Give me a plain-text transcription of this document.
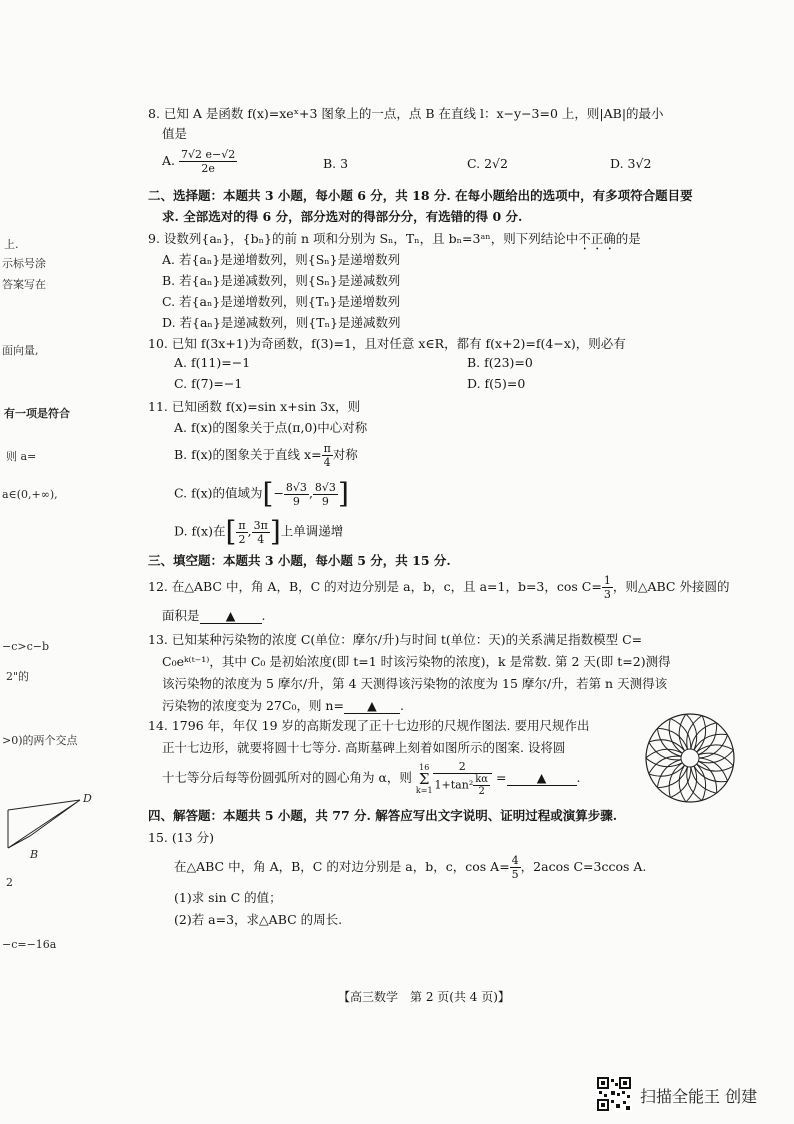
上.
示标号涂
答案写在
面向量,
有一项是符合
则 a=
a∈(0,+∞),
−c>c−b
2"的
>0)的两个交点
D
B
2
−c=−16a
8. 已知 A 是函数 f(x)=xeˣ+3 图象上的一点，点 B 在直线 l：x−y−3=0 上，则|AB|的最小
值是
A. $\frac{7√2 e-√2}{2e}$	B. 3	C. 2√2	D. 3√2
二、选择题：本题共 3 小题，每小题 6 分，共 18 分. 在每小题给出的选项中，有多项符合题目要
求. 全部选对的得 6 分，部分选对的得部分分，有选错的得 0 分.
9. 设数列{aₙ}，{bₙ}的前 n 项和分别为 Sₙ，Tₙ，且 bₙ=3ᵃⁿ，则下列结论中不正确的是
A. 若{aₙ}是递增数列，则{Sₙ}是递增数列
B. 若{aₙ}是递减数列，则{Sₙ}是递减数列
C. 若{aₙ}是递增数列，则{Tₙ}是递增数列
D. 若{aₙ}是递减数列，则{Tₙ}是递减数列
10. 已知 f(3x+1)为奇函数，f(3)=1，且对任意 x∈R，都有 f(x+2)=f(4−x)，则必有
A. f(11)=−1	B. f(23)=0
C. f(7)=−1	D. f(5)=0
11. 已知函数 f(x)=sin x+sin 3x，则
A. f(x)的图象关于点(π,0)中心对称
B. f(x)的图象关于直线 $x= \frac{\pi}{4}$ 对称
C. f(x)的值域为[− $\frac{8√3}{9}$ , $\frac{8√3}{9}$ ]
D. f(x)在[ $\frac{\pi}{2}$ , $\frac{3\pi}{4}$ ]上单调递增
三、填空题：本题共 3 小题，每小题 5 分，共 15 分.
12. 在△ABC 中，角 A，B，C 的对边分别是 a，b，c，且 a=1，b=3，$\cos C= \frac{1}{3}$ ，则△ABC 外接圆的
面积是 ▲ .
13. 已知某种污染物的浓度 C(单位：摩尔/升)与时间 t(单位：天)的关系满足指数模型 C=
C₀eᵏ⁽ᵗ⁻¹⁾，其中 C₀ 是初始浓度(即 t=1 时该污染物的浓度)，k 是常数. 第 2 天(即 t=2)测得
该污染物的浓度为 5 摩尔/升，第 4 天测得该污染物的浓度为 15 摩尔/升，若第 n 天测得该
污染物的浓度变为 27C₀，则 n= ▲ .
14. 1796 年，年仅 19 岁的高斯发现了正十七边形的尺规作图法. 要用尺规作出
正十七边形，就要将圆十七等分. 高斯墓碑上刻着如图所示的图案. 设将圆
十七等分后每等份圆弧所对的圆心角为 α，则
16
Σ
$k=1 \frac{2}{1+\tan^2 \frac{k\alpha}{2}}$ = ▲ .
四、解答题：本题共 5 小题，共 77 分. 解答应写出文字说明、证明过程或演算步骤.
15. (13 分)
在△ABC 中，角 A，B，C 的对边分别是 a，b，c，$\cos A= \frac{4}{5}$ ，2acos C=3ccos A.
(1)求 sin C 的值；
(2)若 a=3，求△ABC 的周长.
【高三数学　第 2 页(共 4 页)】
扫描全能王 创建
